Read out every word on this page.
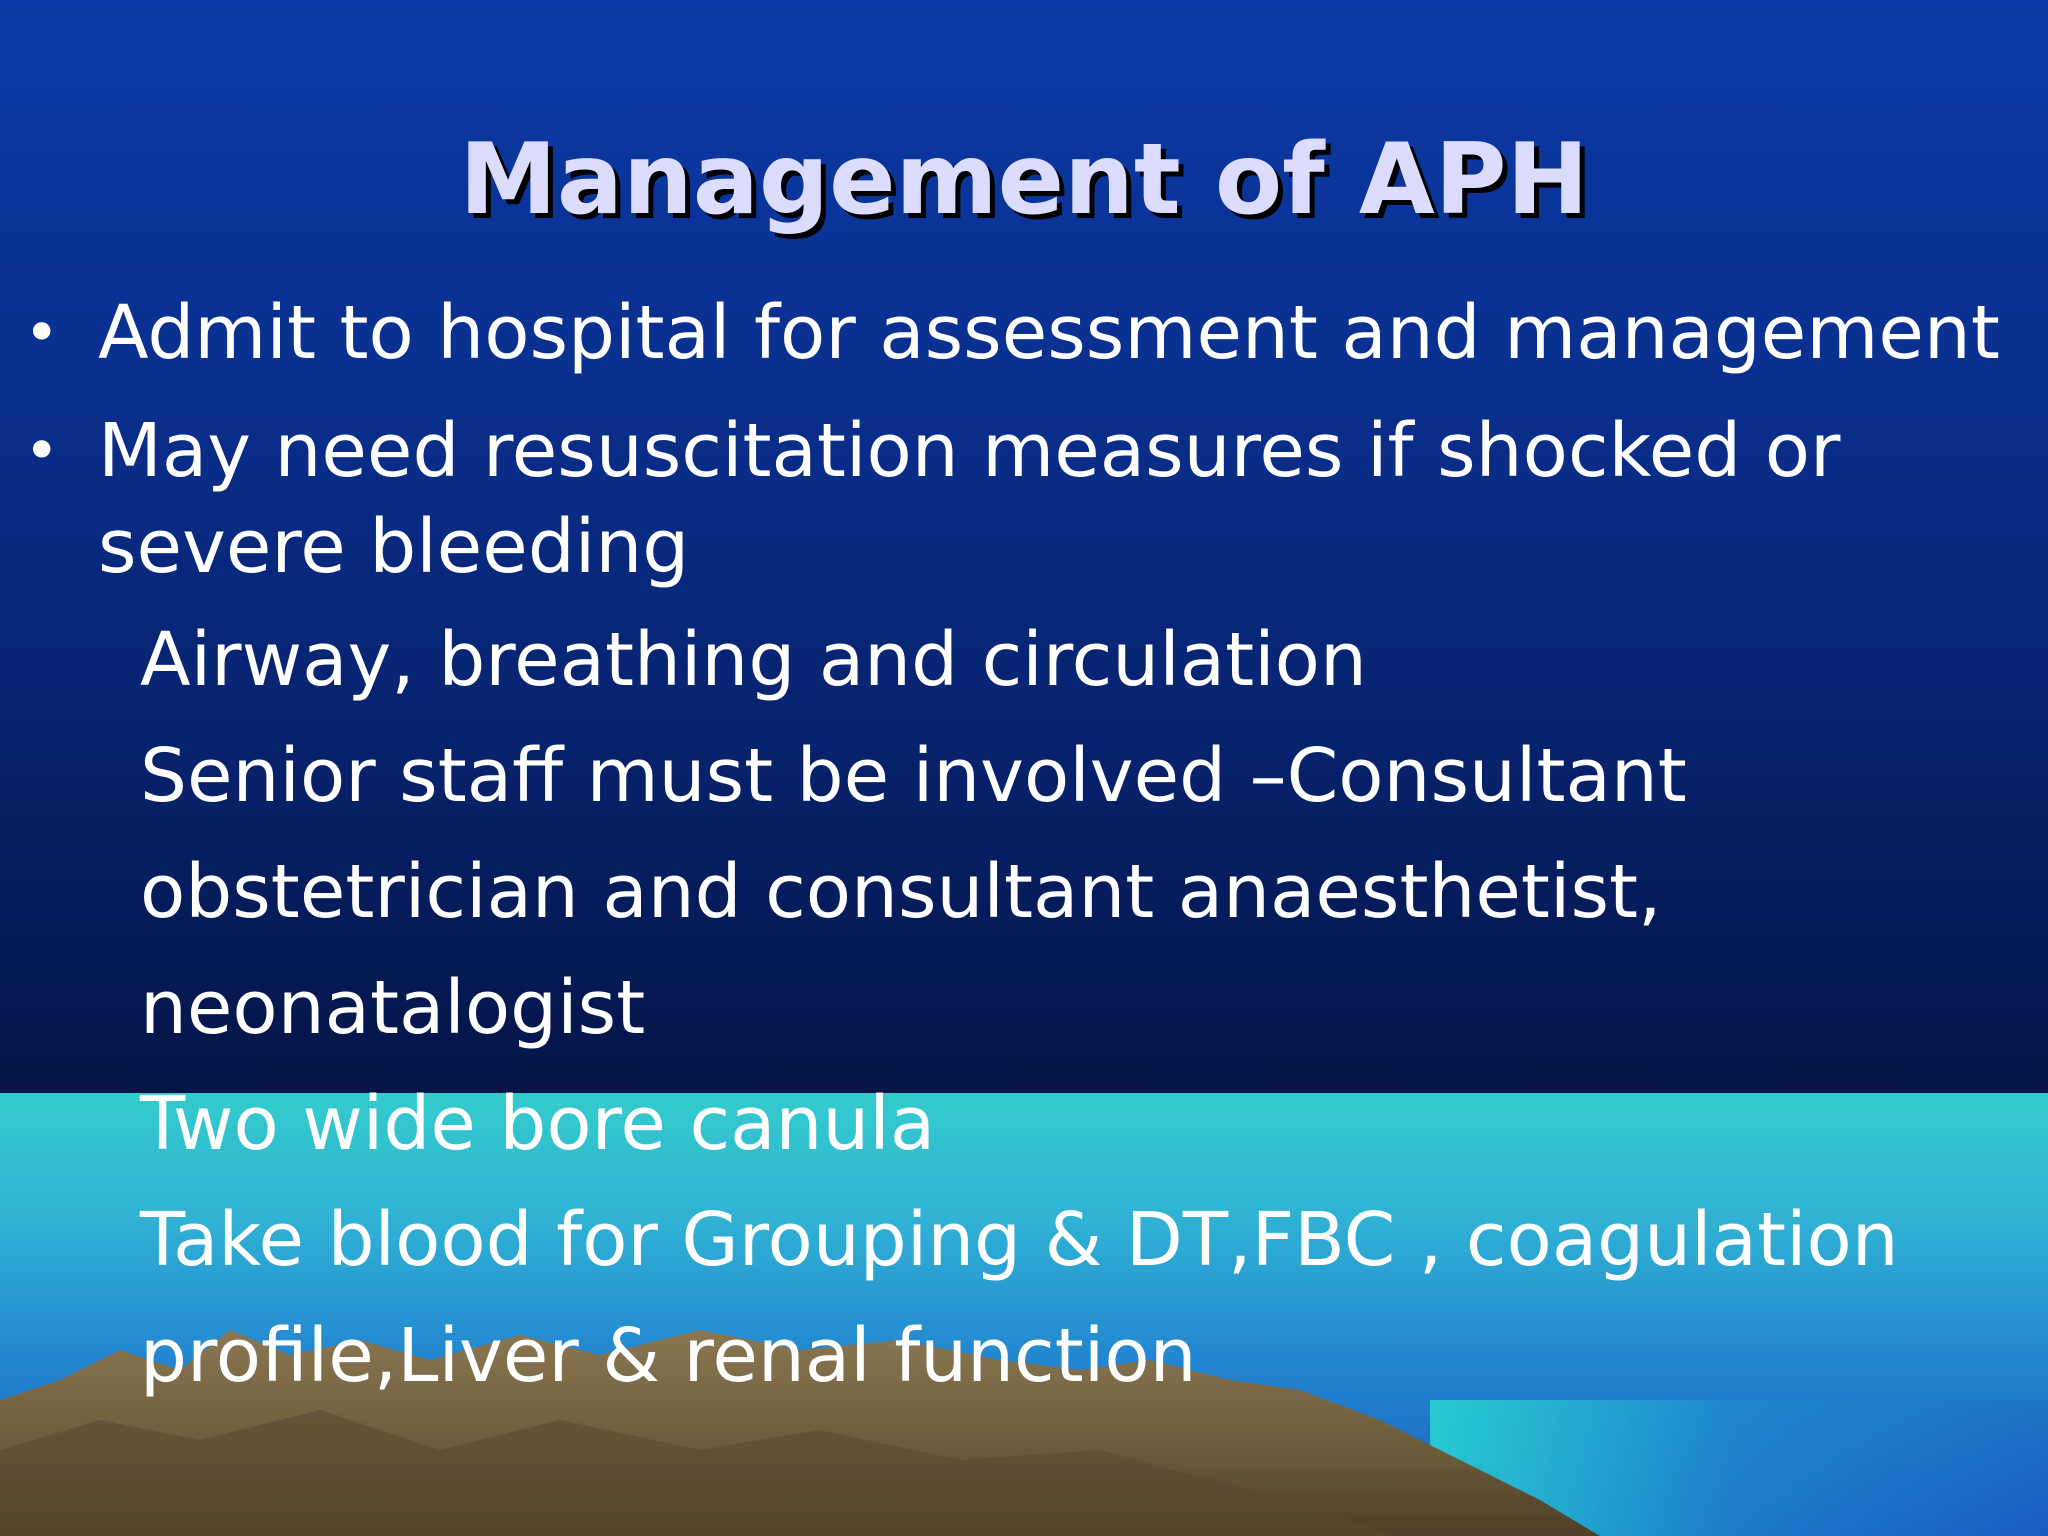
Management of APH
• Admit to hospital for assessment and management
• May need resuscitation measures if shocked or severe bleeding
Airway, breathing and circulation
Senior staff must be involved –Consultant
obstetrician and consultant anaesthetist,
neonatalogist
Two wide bore canula
Take blood for Grouping & DT,FBC , coagulation
profile,Liver & renal function
